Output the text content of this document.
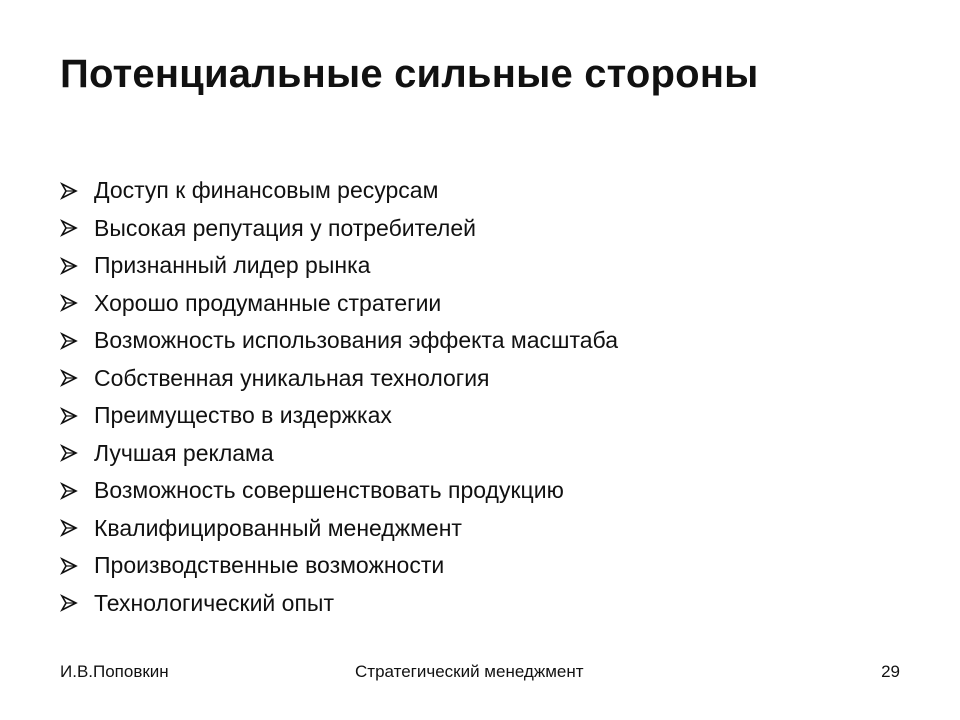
Потенциальные сильные стороны
Доступ к финансовым ресурсам
Высокая репутация у потребителей
Признанный лидер рынка
Хорошо продуманные стратегии
Возможность использования эффекта масштаба
Собственная уникальная технология
Преимущество в издержках
Лучшая реклама
Возможность совершенствовать продукцию
Квалифицированный менеджмент
Производственные возможности
Технологический опыт
И.В.Поповкин	Стратегический менеджмент	29
